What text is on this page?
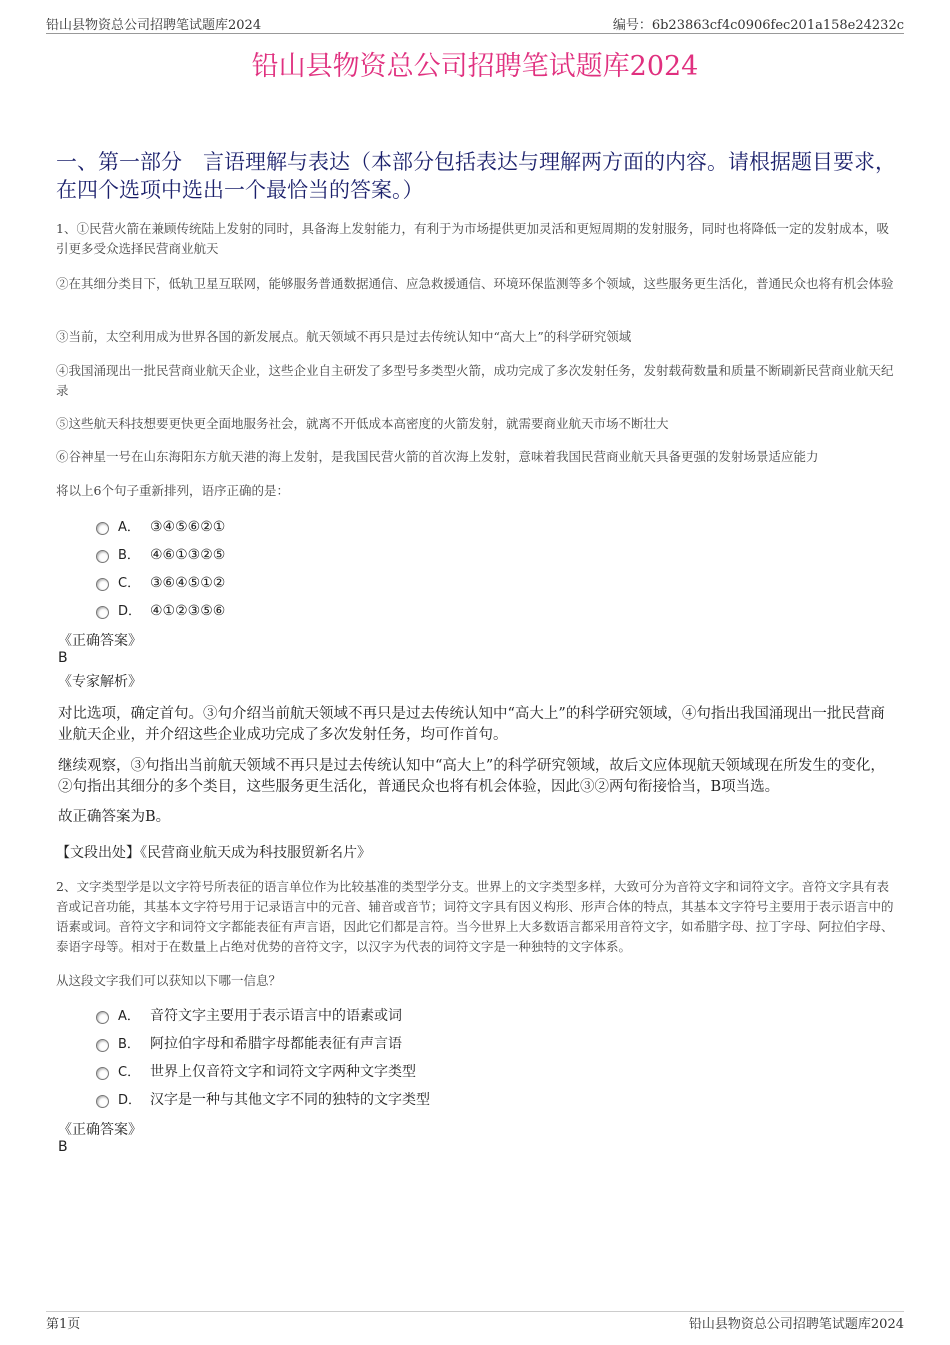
铅山县物资总公司招聘笔试题库2024	编号：6b23863cf4c0906fec201a158e24232c
铅山县物资总公司招聘笔试题库2024
一、第一部分　言语理解与表达（本部分包括表达与理解两方面的内容。请根据题目要求，在四个选项中选出一个最恰当的答案。）
1、①民营火箭在兼顾传统陆上发射的同时，具备海上发射能力，有利于为市场提供更加灵活和更短周期的发射服务，同时也将降低一定的发射成本，吸引更多受众选择民营商业航天
②在其细分类目下，低轨卫星互联网，能够服务普通数据通信、应急救援通信、环境环保监测等多个领域，这些服务更生活化，普通民众也将有机会体验
③当前，太空利用成为世界各国的新发展点。航天领域不再只是过去传统认知中“高大上”的科学研究领域
④我国涌现出一批民营商业航天企业，这些企业自主研发了多型号多类型火箭，成功完成了多次发射任务，发射载荷数量和质量不断刷新民营商业航天纪录
⑤这些航天科技想要更快更全面地服务社会，就离不开低成本高密度的火箭发射，就需要商业航天市场不断壮大
⑥谷神星一号在山东海阳东方航天港的海上发射，是我国民营火箭的首次海上发射，意味着我国民营商业航天具备更强的发射场景适应能力
将以上6个句子重新排列，语序正确的是：
A． ③④⑤⑥②①
B． ④⑥①③②⑤
C． ③⑥④⑤①②
D． ④①②③⑤⑥
《正确答案》
B
《专家解析》
对比选项，确定首句。③句介绍当前航天领域不再只是过去传统认知中“高大上”的科学研究领域，④句指出我国涌现出一批民营商业航天企业，并介绍这些企业成功完成了多次发射任务，均可作首句。
继续观察，③句指出当前航天领域不再只是过去传统认知中“高大上”的科学研究领域，故后文应体现航天领域现在所发生的变化，②句指出其细分的多个类目，这些服务更生活化，普通民众也将有机会体验，因此③②两句衔接恰当，B项当选。
故正确答案为B。
【文段出处】《民营商业航天成为科技服贸新名片》
2、文字类型学是以文字符号所表征的语言单位作为比较基准的类型学分支。世界上的文字类型多样，大致可分为音符文字和词符文字。音符文字具有表音或记音功能，其基本文字符号用于记录语言中的元音、辅音或音节；词符文字具有因义构形、形声合体的特点，其基本文字符号主要用于表示语言中的语素或词。音符文字和词符文字都能表征有声言语，因此它们都是言符。当今世界上大多数语言都采用音符文字，如希腊字母、拉丁字母、阿拉伯字母、泰语字母等。相对于在数量上占绝对优势的音符文字，以汉字为代表的词符文字是一种独特的文字体系。
从这段文字我们可以获知以下哪一信息？
A． 音符文字主要用于表示语言中的语素或词
B． 阿拉伯字母和希腊字母都能表征有声言语
C． 世界上仅音符文字和词符文字两种文字类型
D． 汉字是一种与其他文字不同的独特的文字类型
《正确答案》
B
第1页	铅山县物资总公司招聘笔试题库2024
